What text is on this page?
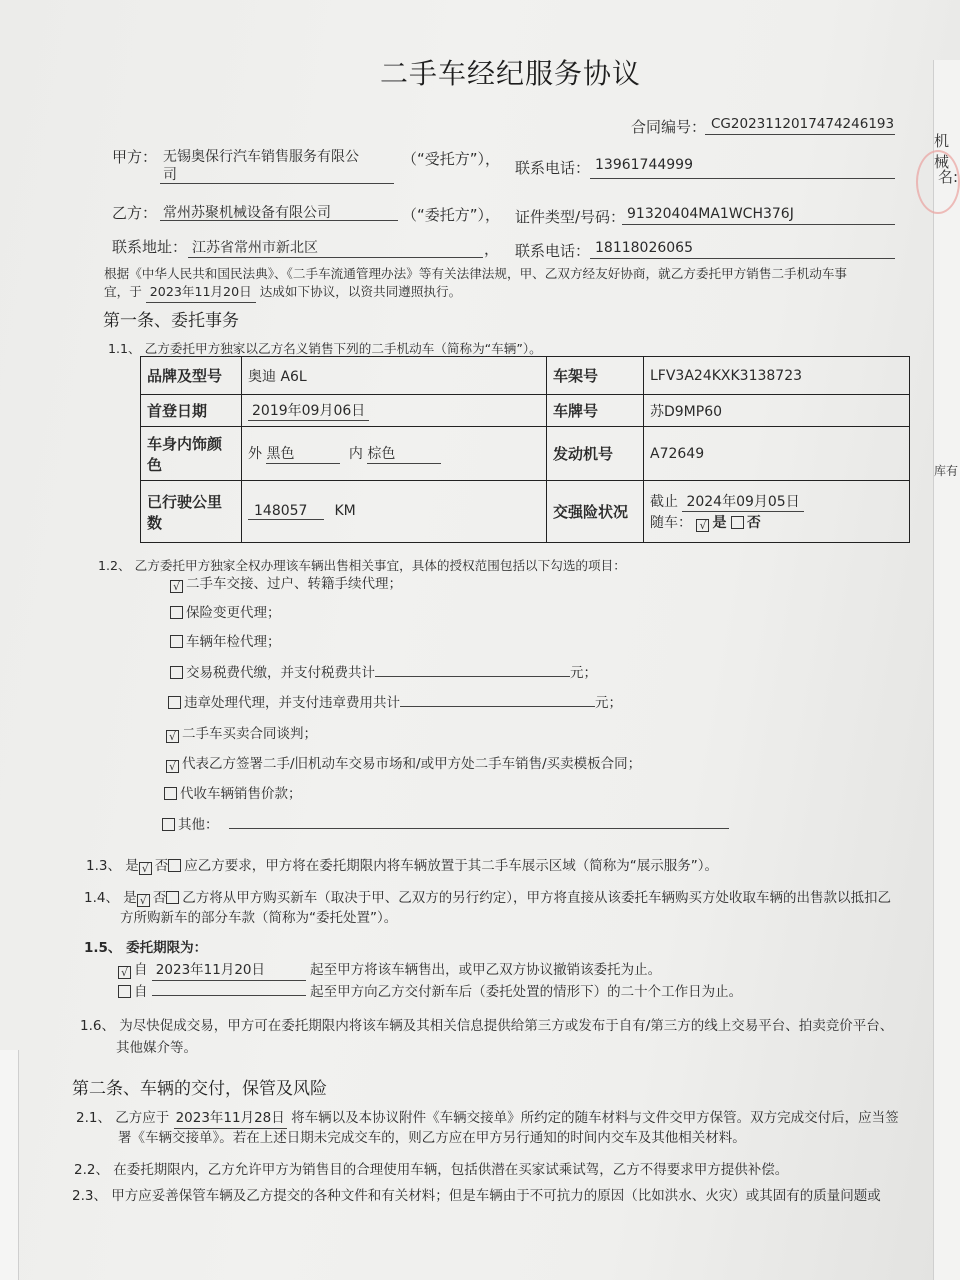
机械
名:
库有
二手车经纪服务协议
合同编号： CG2023112017474246193
甲方： 无锡奥保行汽车销售服务有限公
司
（“受托方”）， 联系电话： 13961744999
乙方： 常州苏聚机械设备有限公司	（“委托方”）， 证件类型/号码： 91320404MA1WCH376J
联系地址： 江苏省常州市新北区	， 联系电话： 18118026065
根据《中华人民共和国民法典》、《二手车流通管理办法》等有关法律法规，甲、乙双方经友好协商，就乙方委托甲方销售二手机动车事
宜，于 2023年11月20日 达成如下协议，以资共同遵照执行。
第一条、委托事务
1.1、 乙方委托甲方独家以乙方名义销售下列的二手机动车（简称为“车辆”）。
品牌及型号	奥迪 A6L	车架号	LFV3A24KXK3138723
首登日期	2019年09月06日	车牌号	苏D9MP60
车身内饰颜色	外 黑色 内 棕色	发动机号	A72649
已行驶公里数	148057 KM	交强险状况	截止 2024年09月05日
随车： √ 是 否
1.2、 乙方委托甲方独家全权办理该车辆出售相关事宜，具体的授权范围包括以下勾选的项目：
√ 二手车交接、过户、转籍手续代理；
保险变更代理；
车辆年检代理；
交易税费代缴，并支付税费共计	元；
违章处理代理，并支付违章费用共计	元；
√ 二手车买卖合同谈判；
√ 代表乙方签署二手/旧机动车交易市场和/或甲方处二手车销售/买卖模板合同；
代收车辆销售价款；
其他：
1.3、 是 √ 否 应乙方要求，甲方将在委托期限内将车辆放置于其二手车展示区域（简称为“展示服务”）。
1.4、 是 √ 否 乙方将从甲方购买新车（取决于甲、乙双方的另行约定），甲方将直接从该委托车辆购买方处收取车辆的出售款以抵扣乙
方所购新车的部分车款（简称为“委托处置”）。
1.5、 委托期限为：
√ 自 2023年11月20日	起至甲方将该车辆售出，或甲乙双方协议撤销该委托为止。
自	起至甲方向乙方交付新车后（委托处置的情形下）的二十个工作日为止。
1.6、 为尽快促成交易，甲方可在委托期限内将该车辆及其相关信息提供给第三方或发布于自有/第三方的线上交易平台、拍卖竞价平台、
其他媒介等。
第二条、车辆的交付，保管及风险
2.1、 乙方应于 2023年11月28日 将车辆以及本协议附件《车辆交接单》所约定的随车材料与文件交甲方保管。双方完成交付后，应当签
署《车辆交接单》。若在上述日期未完成交车的，则乙方应在甲方另行通知的时间内交车及其他相关材料。
2.2、 在委托期限内，乙方允许甲方为销售目的合理使用车辆，包括供潜在买家试乘试驾，乙方不得要求甲方提供补偿。
2.3、 甲方应妥善保管车辆及乙方提交的各种文件和有关材料；但是车辆由于不可抗力的原因（比如洪水、火灾）或其固有的质量问题或
